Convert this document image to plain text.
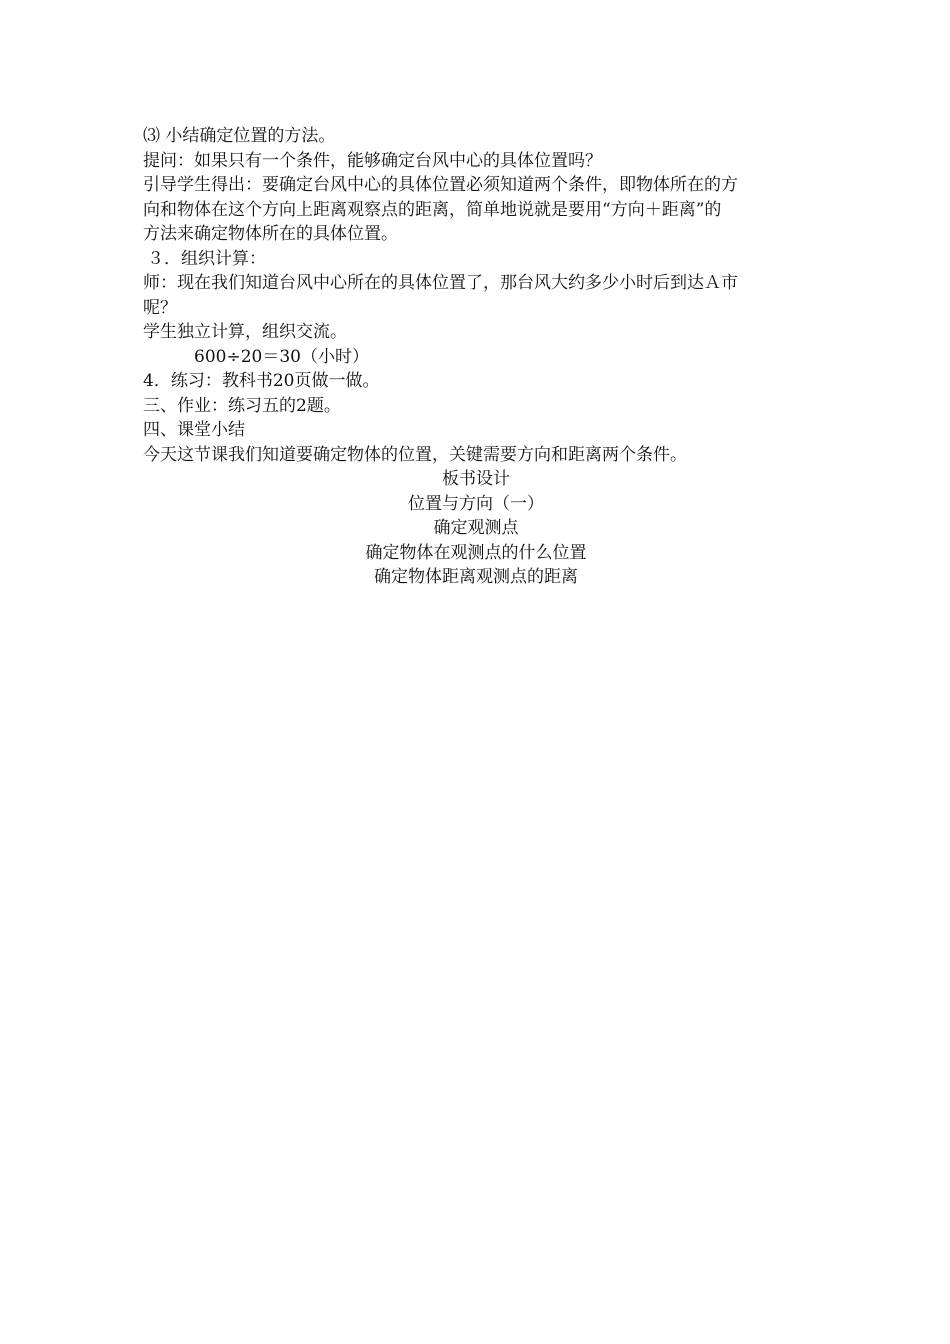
⑶ 小结确定位置的方法。

提问：如果只有一个条件，能够确定台风中心的具体位置吗？

引导学生得出：要确定台风中心的具体位置必须知道两个条件，即物体所在的方

向和物体在这个方向上距离观察点的距离，简单地说就是要用“方向＋距离”的

方法来确定物体所在的具体位置。

３．组织计算：

师：现在我们知道台风中心所在的具体位置了，那台风大约多少小时后到达Ａ市

呢？

学生独立计算，组织交流。

600÷20＝30（小时）

4．练习：教科书20页做一做。

三、作业：练习五的2题。

四、课堂小结

今天这节课我们知道要确定物体的位置，关键需要方向和距离两个条件。

板书设计

位置与方向（一）

确定观测点

确定物体在观测点的什么位置

确定物体距离观测点的距离
